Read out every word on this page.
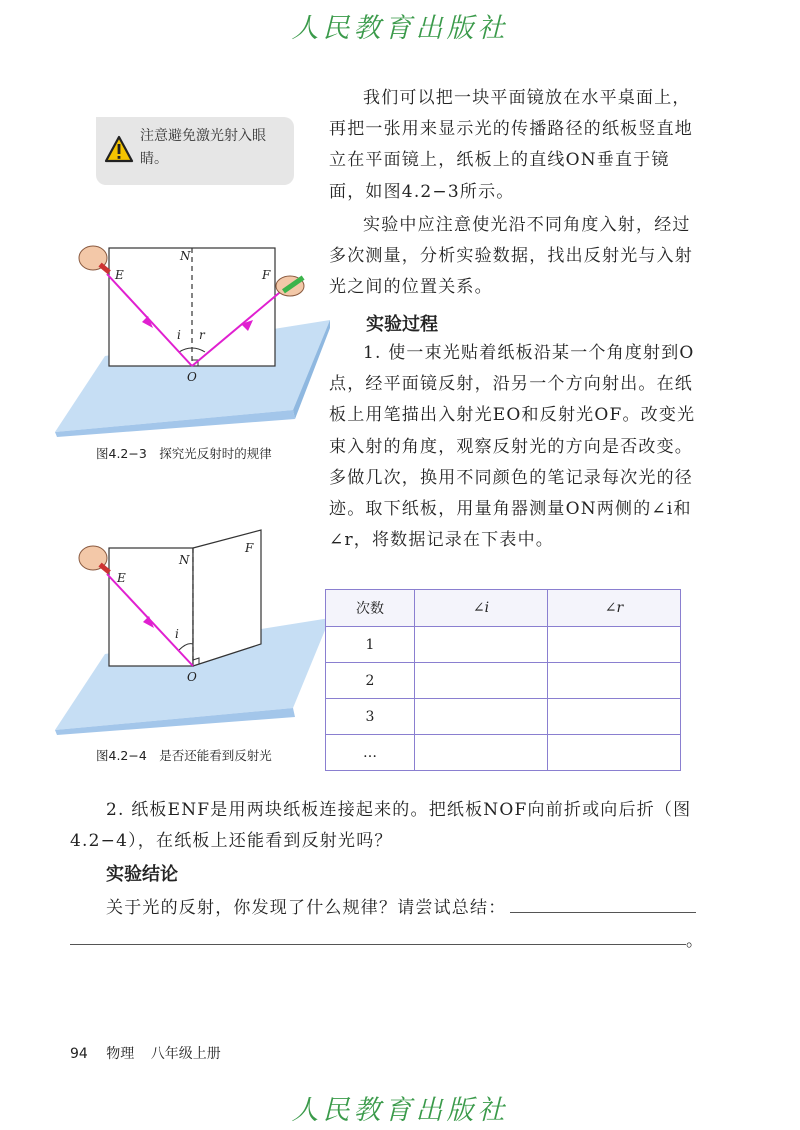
人民教育出版社
注意避免激光射入眼睛。
我们可以把一块平面镜放在水平桌面上，再把一张用来显示光的传播路径的纸板竖直地立在平面镜上，纸板上的直线ON垂直于镜面，如图4.2−3所示。
实验中应注意使光沿不同角度入射，经过多次测量，分析实验数据，找出反射光与入射光之间的位置关系。
实验过程
1. 使一束光贴着纸板沿某一个角度射到O点，经平面镜反射，沿另一个方向射出。在纸板上用笔描出入射光EO和反射光OF。改变光束入射的角度，观察反射光的方向是否改变。多做几次，换用不同颜色的笔记录每次光的径迹。取下纸板，用量角器测量ON两侧的∠i和∠r，将数据记录在下表中。
N
E	F
i r
O
图4.2−3　探究光反射时的规律
N
E
F
i
O
图4.2−4　是否还能看到反射光
次数	∠i	∠r
1		
2		
3		
…		
2. 纸板ENF是用两块纸板连接起来的。把纸板NOF向前折或向后折（图4.2−4），在纸板上还能看到反射光吗？
实验结论
关于光的反射，你发现了什么规律？请尝试总结：
。
94 物理 八年级上册
人民教育出版社
